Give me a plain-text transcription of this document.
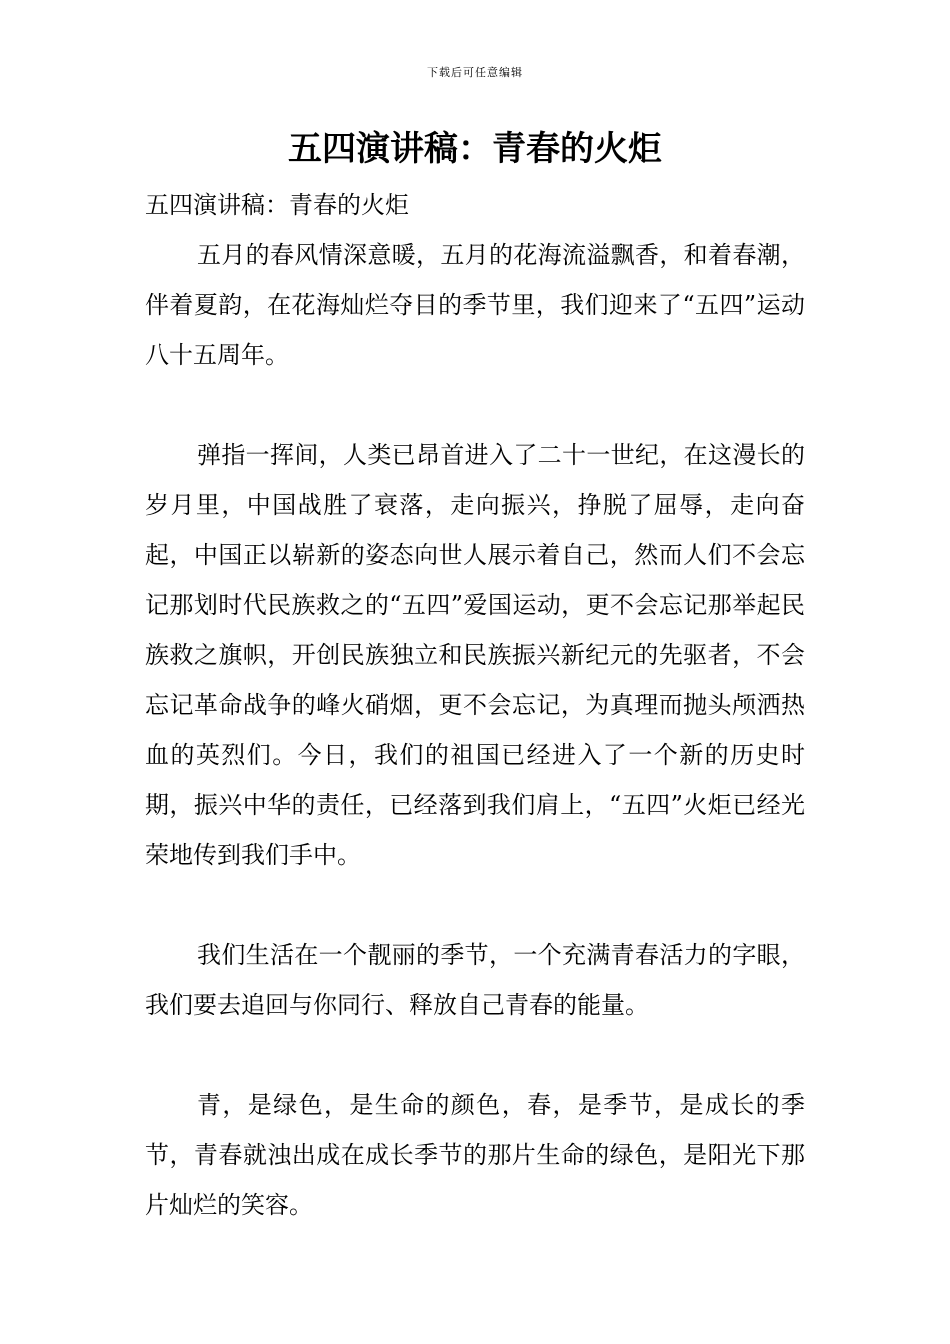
下载后可任意编辑
五四演讲稿：青春的火炬

五四演讲稿：青春的火炬

五月的春风情深意暖，五月的花海流溢飘香，和着春潮，伴着夏韵，在花海灿烂夺目的季节里，我们迎来了“五四”运动八十五周年。

弹指一挥间，人类已昂首进入了二十一世纪，在这漫长的岁月里，中国战胜了衰落，走向振兴，挣脱了屈辱，走向奋起，中国正以崭新的姿态向世人展示着自己，然而人们不会忘记那划时代民族救之的“五四”爱国运动，更不会忘记那举起民族救之旗帜，开创民族独立和民族振兴新纪元的先驱者，不会忘记革命战争的峰火硝烟，更不会忘记，为真理而抛头颅洒热血的英烈们。今日，我们的祖国已经进入了一个新的历史时期，振兴中华的责任，已经落到我们肩上，“五四”火炬已经光荣地传到我们手中。

我们生活在一个靓丽的季节，一个充满青春活力的字眼，我们要去追回与你同行、释放自己青春的能量。

青，是绿色，是生命的颜色，春，是季节，是成长的季节，青春就浊出成在成长季节的那片生命的绿色，是阳光下那片灿烂的笑容。
